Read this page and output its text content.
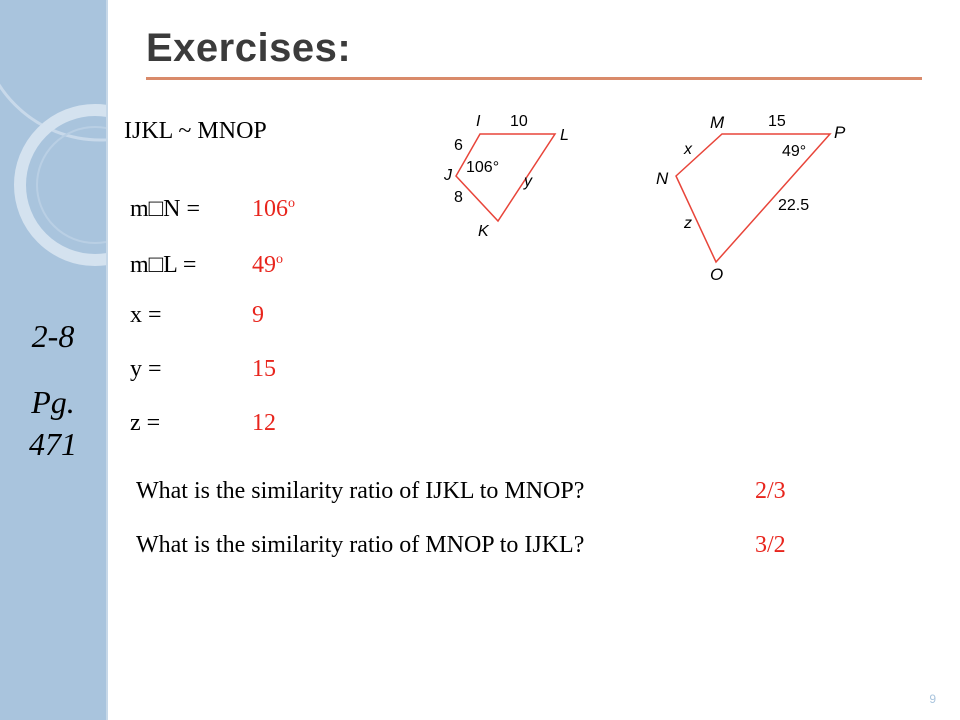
Exercises:
2-8
Pg.
471
IJKL ~ MNOP
m□N = $106^o$
m□L = $49^o$
x =	9
y =	15
z =	12
What is the similarity ratio of IJKL to MNOP?	2/3
What is the similarity ratio of MNOP to IJKL?	3/2
I
J
K
L
6
10
8
y
106°
M
N
O
P
15
x
z
22.5
49°
9
